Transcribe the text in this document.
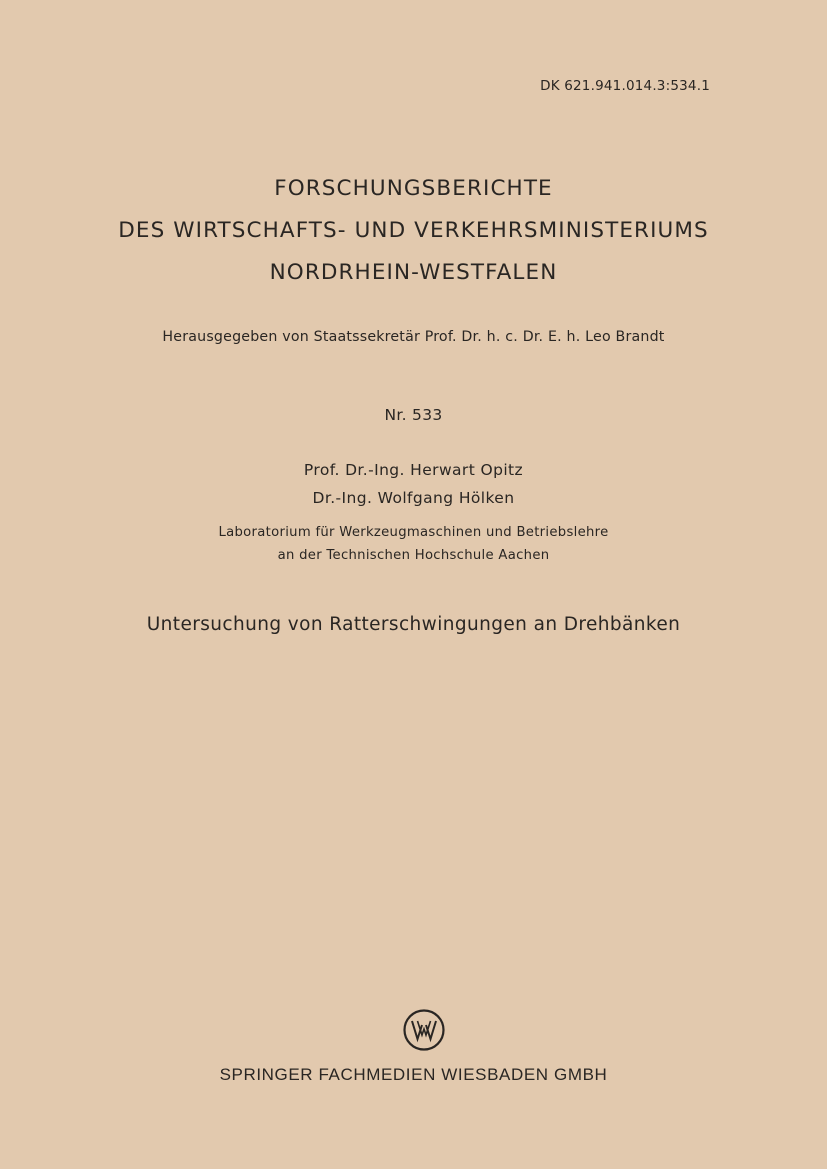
DK 621.941.014.3:534.1
FORSCHUNGSBERICHTE
DES WIRTSCHAFTS- UND VERKEHRSMINISTERIUMS
NORDRHEIN-WESTFALEN
Herausgegeben von Staatssekretär Prof. Dr. h. c. Dr. E. h. Leo Brandt
Nr. 533
Prof. Dr.-Ing. Herwart Opitz
Dr.-Ing. Wolfgang Hölken
Laboratorium für Werkzeugmaschinen und Betriebslehre
an der Technischen Hochschule Aachen
Untersuchung von Ratterschwingungen an Drehbänken
SPRINGER FACHMEDIEN WIESBADEN GMBH
